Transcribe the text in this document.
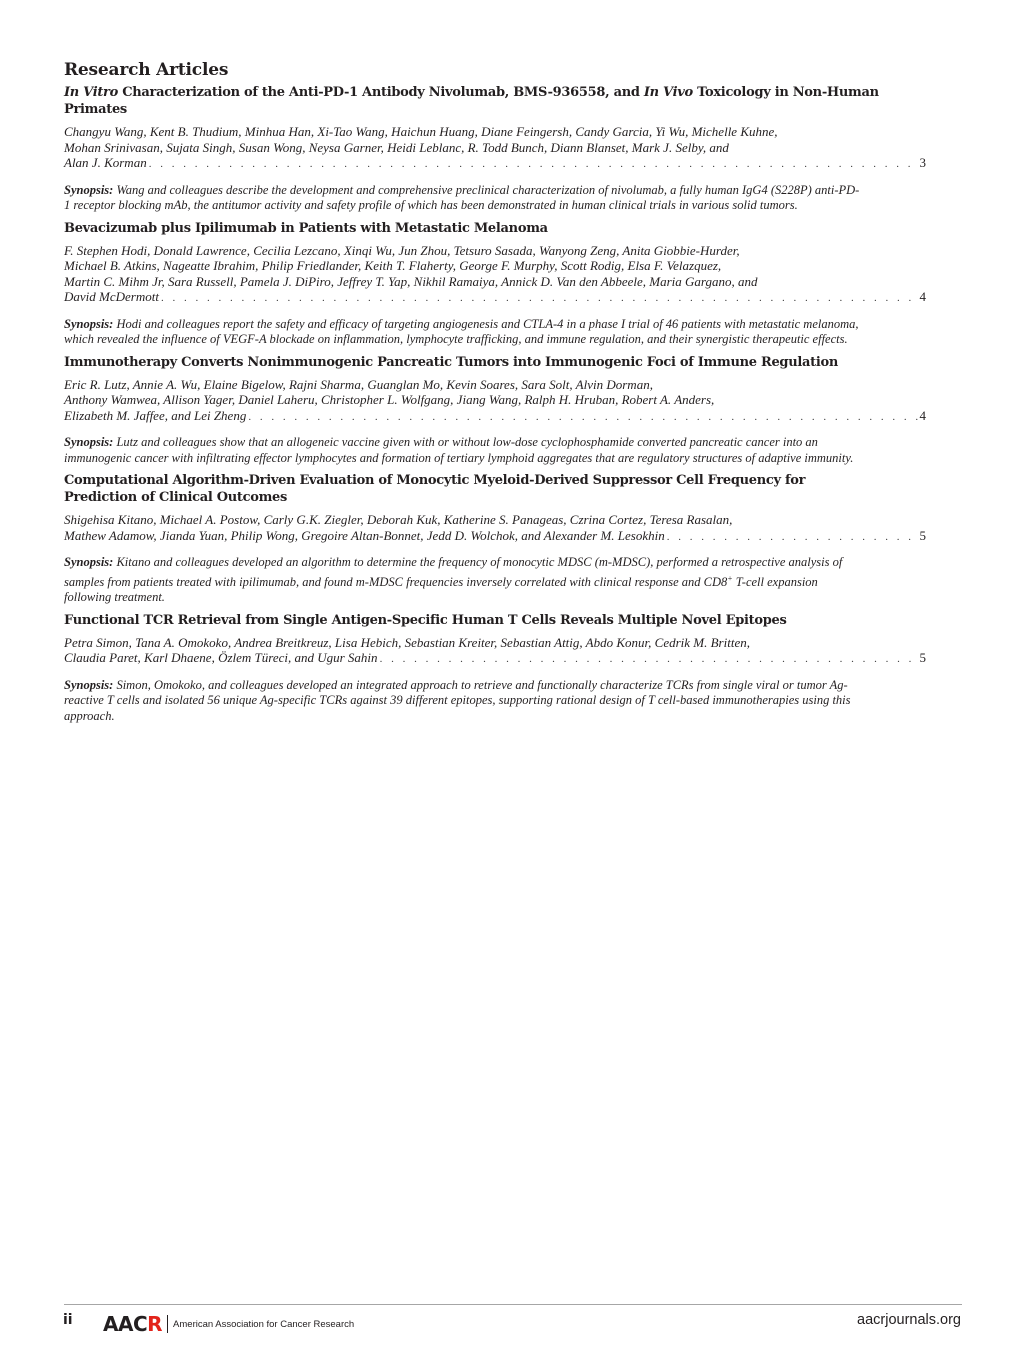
Research Articles
In Vitro Characterization of the Anti-PD-1 Antibody Nivolumab, BMS-936558, and In Vivo Toxicology in Non-Human Primates
Changyu Wang, Kent B. Thudium, Minhua Han, Xi-Tao Wang, Haichun Huang, Diane Feingersh, Candy Garcia, Yi Wu, Michelle Kuhne,
Mohan Srinivasan, Sujata Singh, Susan Wong, Neysa Garner, Heidi Leblanc, R. Todd Bunch, Diann Blanset, Mark J. Selby, and
Alan J. Korman . . .	3
Synopsis: Wang and colleagues describe the development and comprehensive preclinical characterization of nivolumab, a fully human IgG4 (S228P) anti-PD-1 receptor blocking mAb, the antitumor activity and safety profile of which has been demonstrated in human clinical trials in various solid tumors.
Bevacizumab plus Ipilimumab in Patients with Metastatic Melanoma
F. Stephen Hodi, Donald Lawrence, Cecilia Lezcano, Xinqi Wu, Jun Zhou, Tetsuro Sasada, Wanyong Zeng, Anita Giobbie-Hurder,
Michael B. Atkins, Nageatte Ibrahim, Philip Friedlander, Keith T. Flaherty, George F. Murphy, Scott Rodig, Elsa F. Velazquez,
Martin C. Mihm Jr, Sara Russell, Pamela J. DiPiro, Jeffrey T. Yap, Nikhil Ramaiya, Annick D. Van den Abbeele, Maria Gargano, and
David McDermott . . .	4
Synopsis: Hodi and colleagues report the safety and efficacy of targeting angiogenesis and CTLA-4 in a phase I trial of 46 patients with metastatic melanoma, which revealed the influence of VEGF-A blockade on inflammation, lymphocyte trafficking, and immune regulation, and their synergistic therapeutic effects.
Immunotherapy Converts Nonimmunogenic Pancreatic Tumors into Immunogenic Foci of Immune Regulation
Eric R. Lutz, Annie A. Wu, Elaine Bigelow, Rajni Sharma, Guanglan Mo, Kevin Soares, Sara Solt, Alvin Dorman,
Anthony Wamwea, Allison Yager, Daniel Laheru, Christopher L. Wolfgang, Jiang Wang, Ralph H. Hruban, Robert A. Anders,
Elizabeth M. Jaffee, and Lei Zheng . . .	4
Synopsis: Lutz and colleagues show that an allogeneic vaccine given with or without low-dose cyclophosphamide converted pancreatic cancer into an immunogenic cancer with infiltrating effector lymphocytes and formation of tertiary lymphoid aggregates that are regulatory structures of adaptive immunity.
Computational Algorithm-Driven Evaluation of Monocytic Myeloid-Derived Suppressor Cell Frequency for Prediction of Clinical Outcomes
Shigehisa Kitano, Michael A. Postow, Carly G.K. Ziegler, Deborah Kuk, Katherine S. Panageas, Czrina Cortez, Teresa Rasalan,
Mathew Adamow, Jianda Yuan, Philip Wong, Gregoire Altan-Bonnet, Jedd D. Wolchok, and Alexander M. Lesokhin . . .	5
Synopsis: Kitano and colleagues developed an algorithm to determine the frequency of monocytic MDSC (m-MDSC), performed a retrospective analysis of samples from patients treated with ipilimumab, and found m-MDSC frequencies inversely correlated with clinical response and CD8+ T-cell expansion following treatment.
Functional TCR Retrieval from Single Antigen-Specific Human T Cells Reveals Multiple Novel Epitopes
Petra Simon, Tana A. Omokoko, Andrea Breitkreuz, Lisa Hebich, Sebastian Kreiter, Sebastian Attig, Abdo Konur, Cedrik M. Britten,
Claudia Paret, Karl Dhaene, Özlem Türeci, and Ugur Sahin . . .	5
Synopsis: Simon, Omokoko, and colleagues developed an integrated approach to retrieve and functionally characterize TCRs from single viral or tumor Ag-reactive T cells and isolated 56 unique Ag-specific TCRs against 39 different epitopes, supporting rational design of T cell-based immunotherapies using this approach.
ii AACR American Association for Cancer Research	aacrjournals.org
